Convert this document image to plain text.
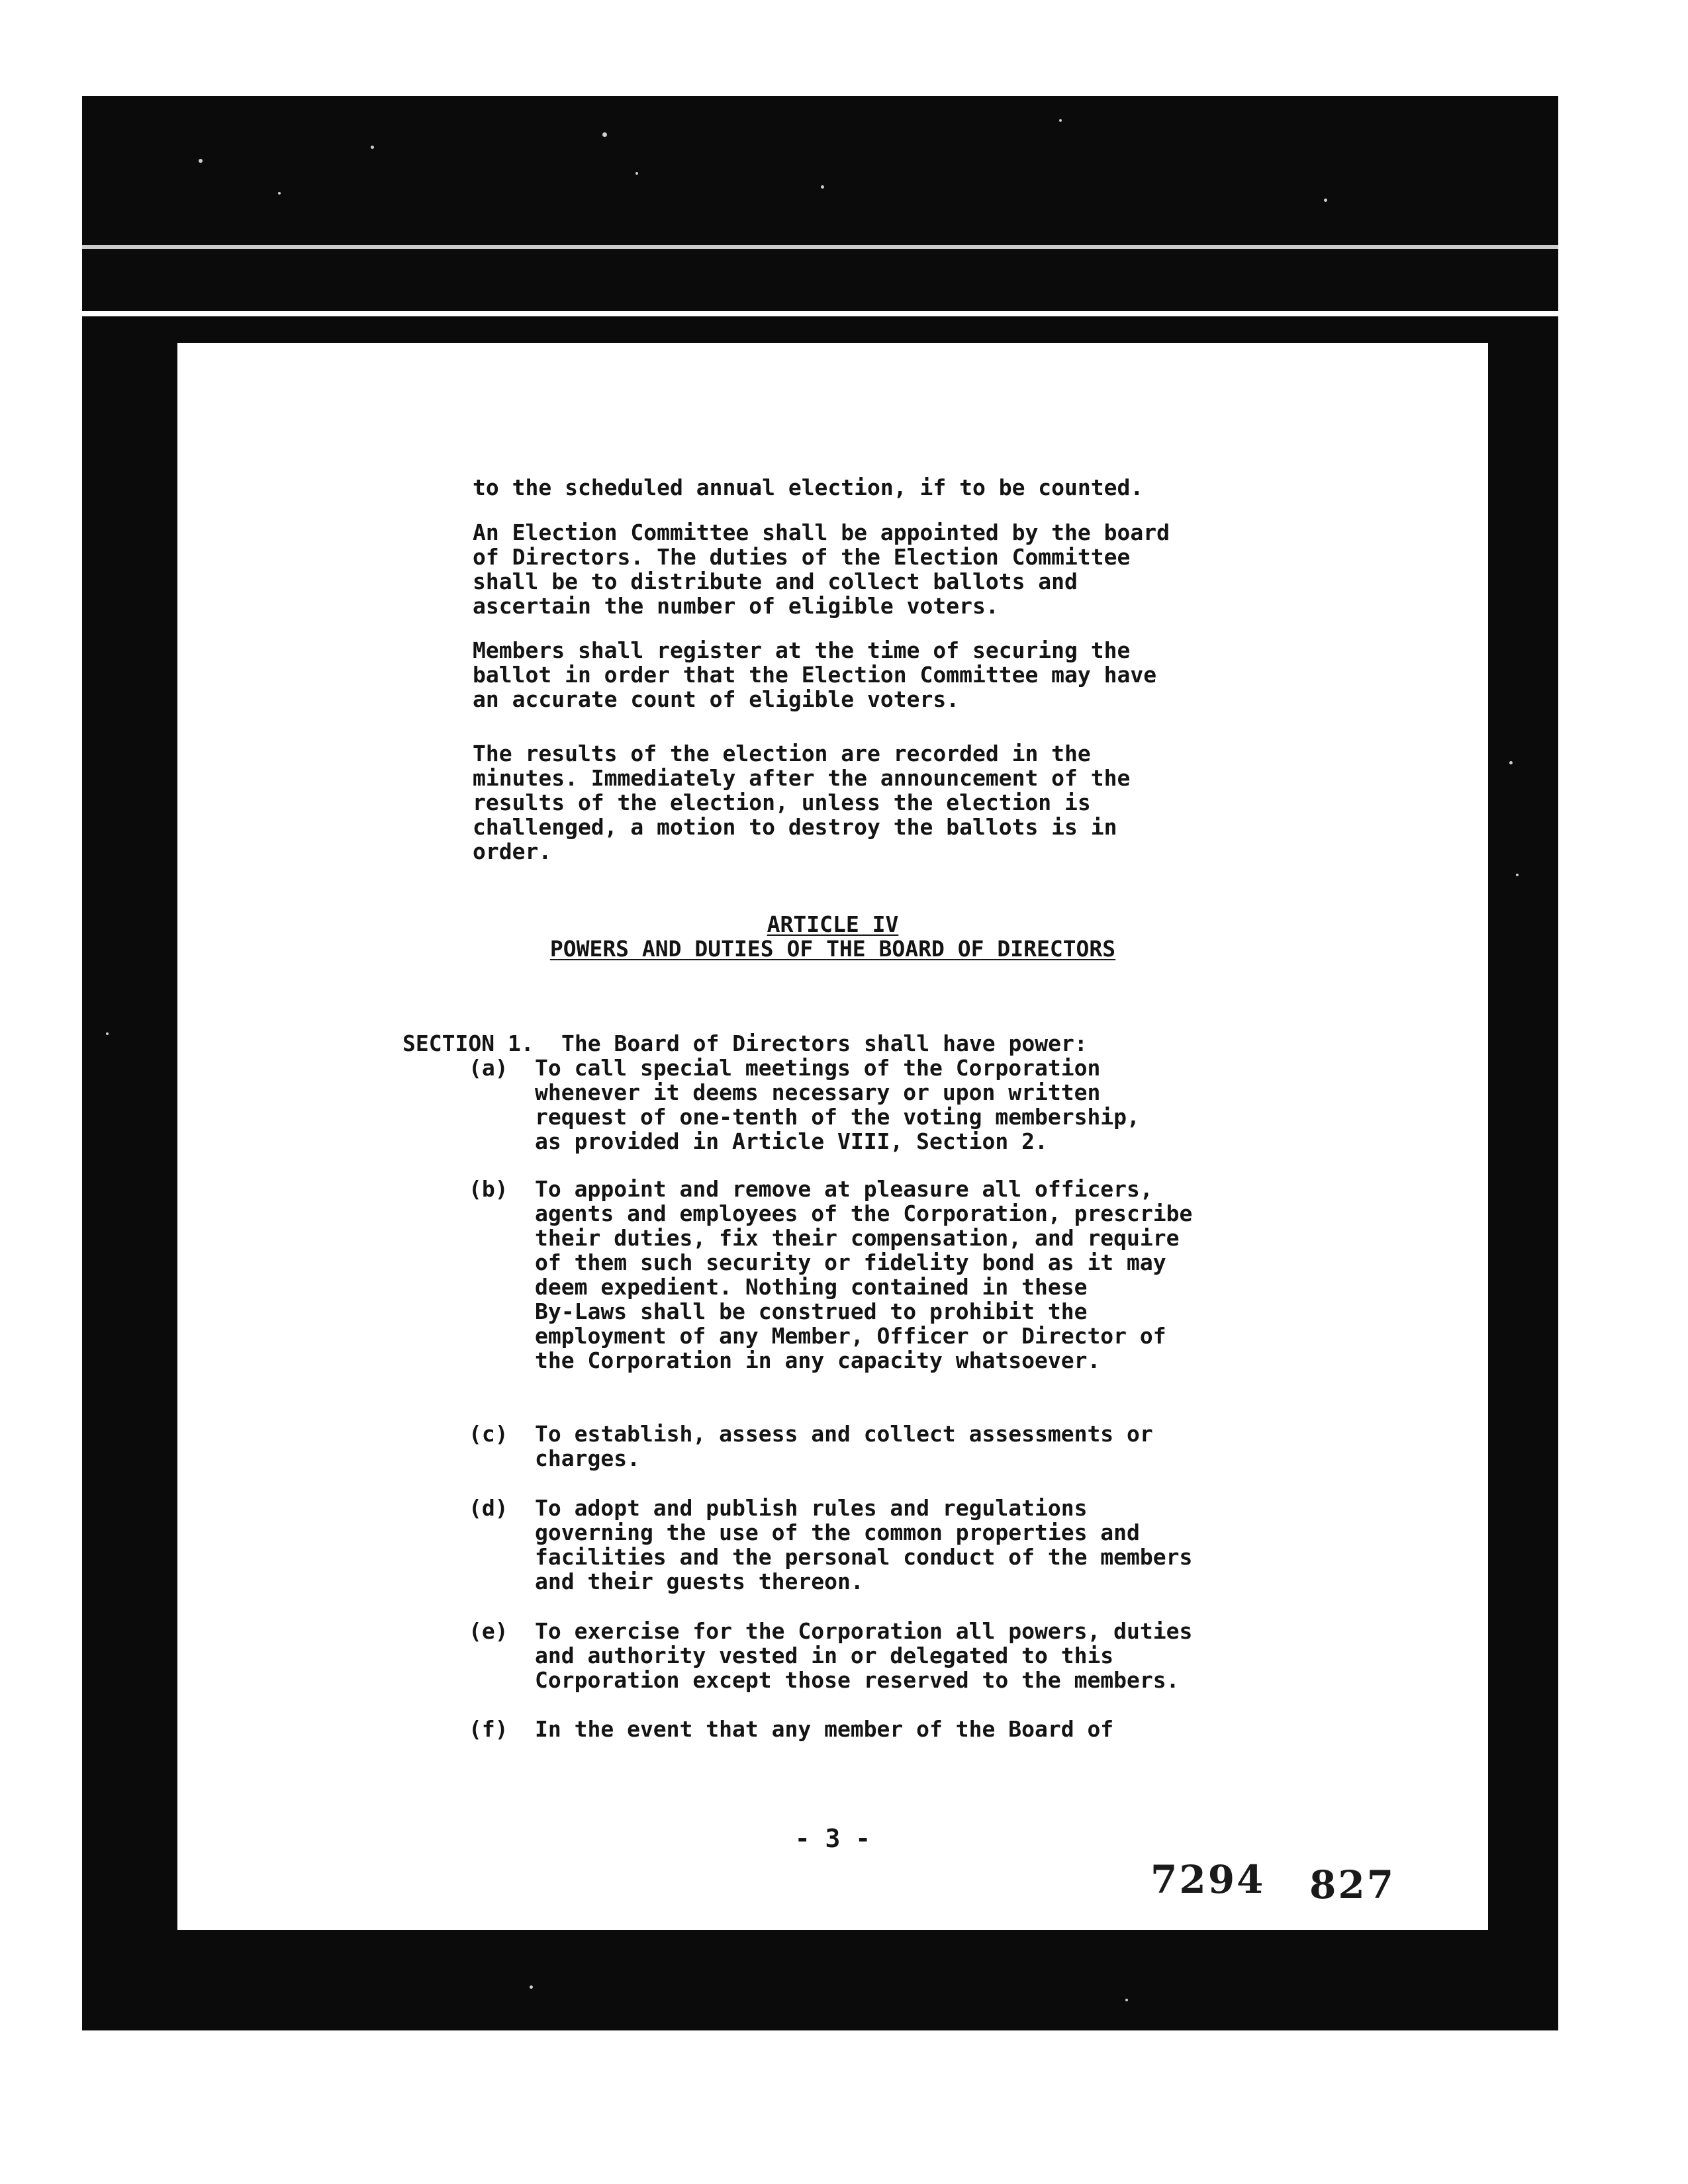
to the scheduled annual election, if to be counted.
An Election Committee shall be appointed by the board
of Directors. The duties of the Election Committee
shall be to distribute and collect ballots and
ascertain the number of eligible voters.
Members shall register at the time of securing the
ballot in order that the Election Committee may have
an accurate count of eligible voters.
The results of the election are recorded in the
minutes. Immediately after the announcement of the
results of the election, unless the election is
challenged, a motion to destroy the ballots is in
order.
ARTICLE IV
POWERS AND DUTIES OF THE BOARD OF DIRECTORS
SECTION 1. The Board of Directors shall have power:
(a) To call special meetings of the Corporation
whenever it deems necessary or upon written
request of one-tenth of the voting membership,
as provided in Article VIII, Section 2.
(b) To appoint and remove at pleasure all officers,
agents and employees of the Corporation, prescribe
their duties, fix their compensation, and require
of them such security or fidelity bond as it may
deem expedient. Nothing contained in these
By-Laws shall be construed to prohibit the
employment of any Member, Officer or Director of
the Corporation in any capacity whatsoever.
(c) To establish, assess and collect assessments or
charges.
(d) To adopt and publish rules and regulations
governing the use of the common properties and
facilities and the personal conduct of the members
and their guests thereon.
(e) To exercise for the Corporation all powers, duties
and authority vested in or delegated to this
Corporation except those reserved to the members.
(f) In the event that any member of the Board of
- 3 -
7294 827
